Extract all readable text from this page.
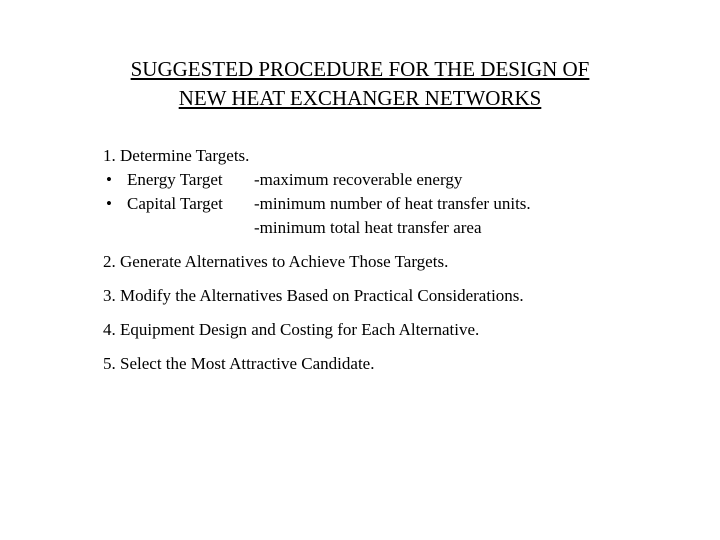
SUGGESTED PROCEDURE FOR THE DESIGN OF
NEW HEAT EXCHANGER NETWORKS
1. Determine Targets.
• Energy Target -maximum recoverable energy
• Capital Target -minimum number of heat transfer units.
-minimum total heat transfer area
2. Generate Alternatives to Achieve Those Targets.
3. Modify the Alternatives Based on Practical Considerations.
4. Equipment Design and Costing for Each Alternative.
5. Select the Most Attractive Candidate.
